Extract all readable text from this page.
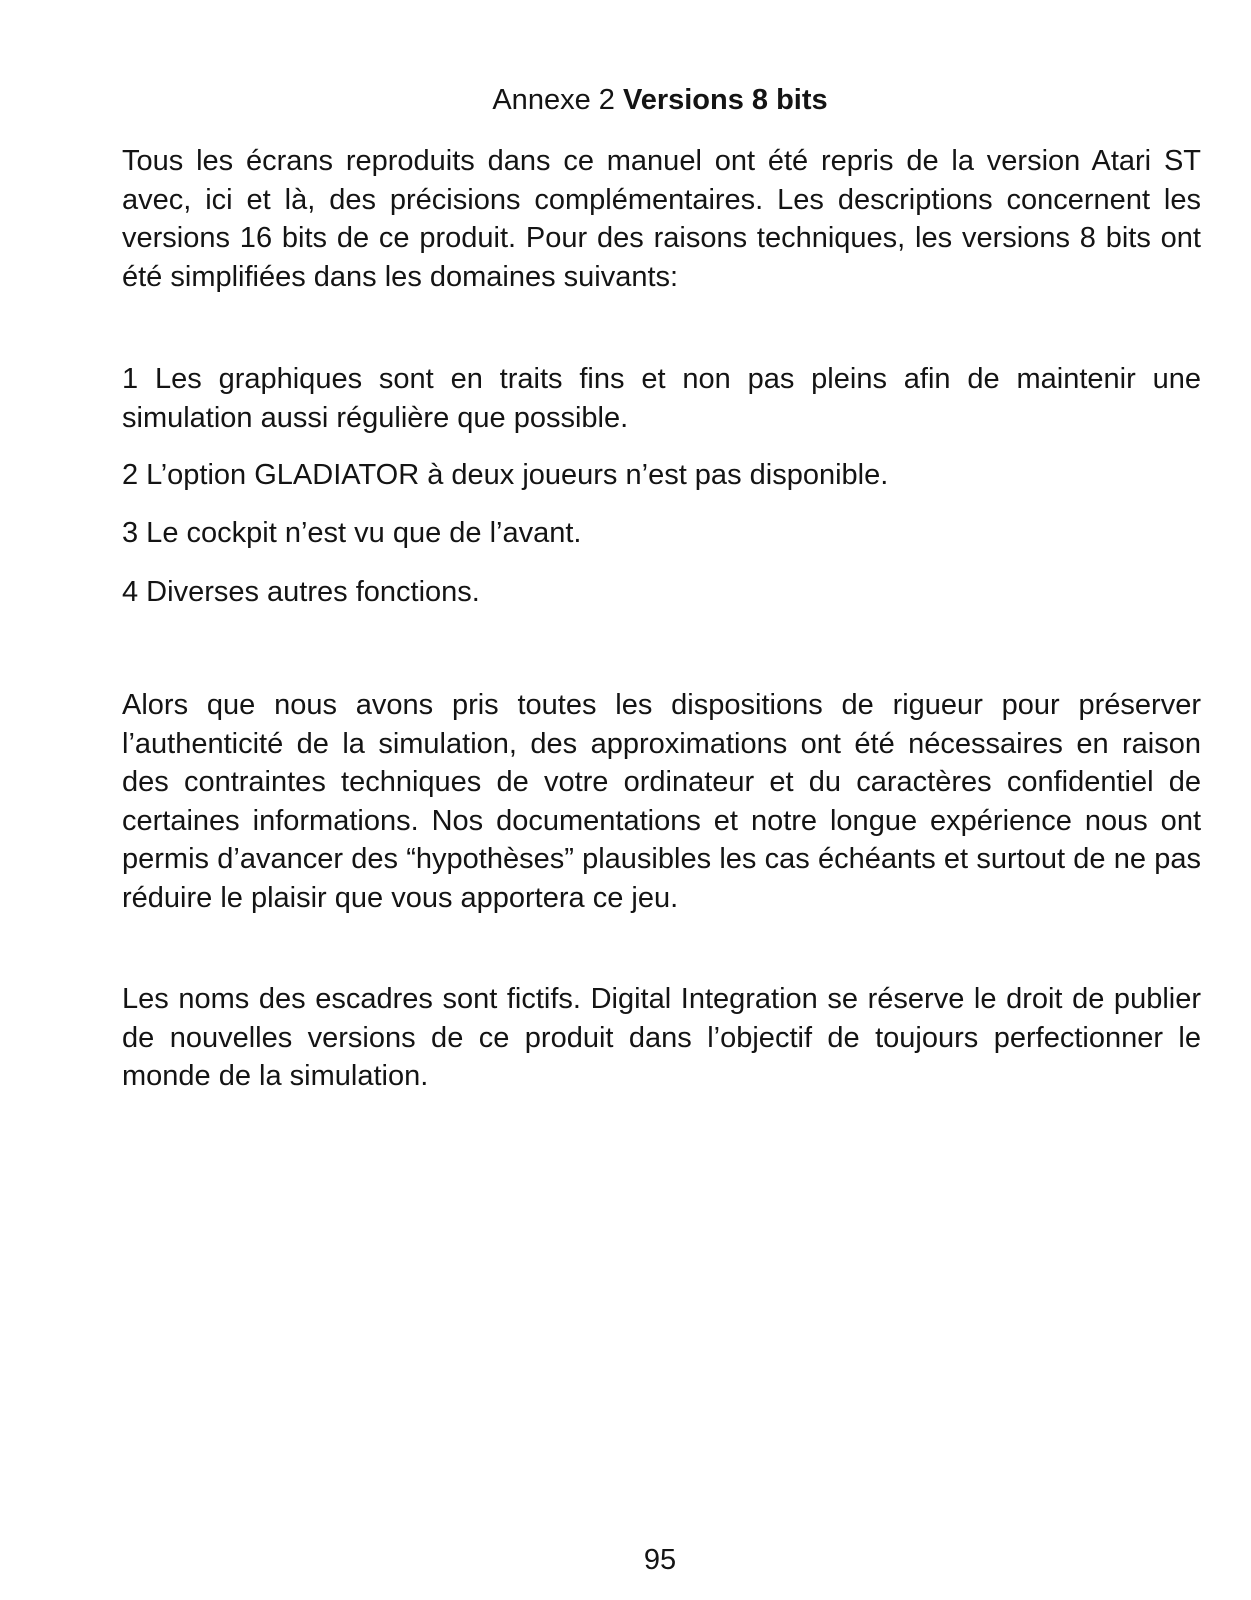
Annexe 2 Versions 8 bits

Tous les écrans reproduits dans ce manuel ont été repris de la version Atari ST avec, ici et là, des précisions complémentaires. Les descriptions concernent les versions 16 bits de ce produit. Pour des raisons techniques, les versions 8 bits ont été simplifiées dans les domaines suivants:

1 Les graphiques sont en traits fins et non pas pleins afin de maintenir une simulation aussi régulière que possible.

2 L’option GLADIATOR à deux joueurs n’est pas disponible.

3 Le cockpit n’est vu que de l’avant.

4 Diverses autres fonctions.

Alors que nous avons pris toutes les dispositions de rigueur pour préserver l’authenticité de la simulation, des approximations ont été nécessaires en raison des contraintes techniques de votre ordinateur et du caractères confidentiel de certaines informations. Nos documentations et notre longue expérience nous ont permis d’avancer des “hypothèses” plausibles les cas échéants et surtout de ne pas réduire le plaisir que vous apportera ce jeu.

Les noms des escadres sont fictifs. Digital Integration se réserve le droit de publier de nouvelles versions de ce produit dans l’objectif de toujours perfectionner le monde de la simulation.

95
